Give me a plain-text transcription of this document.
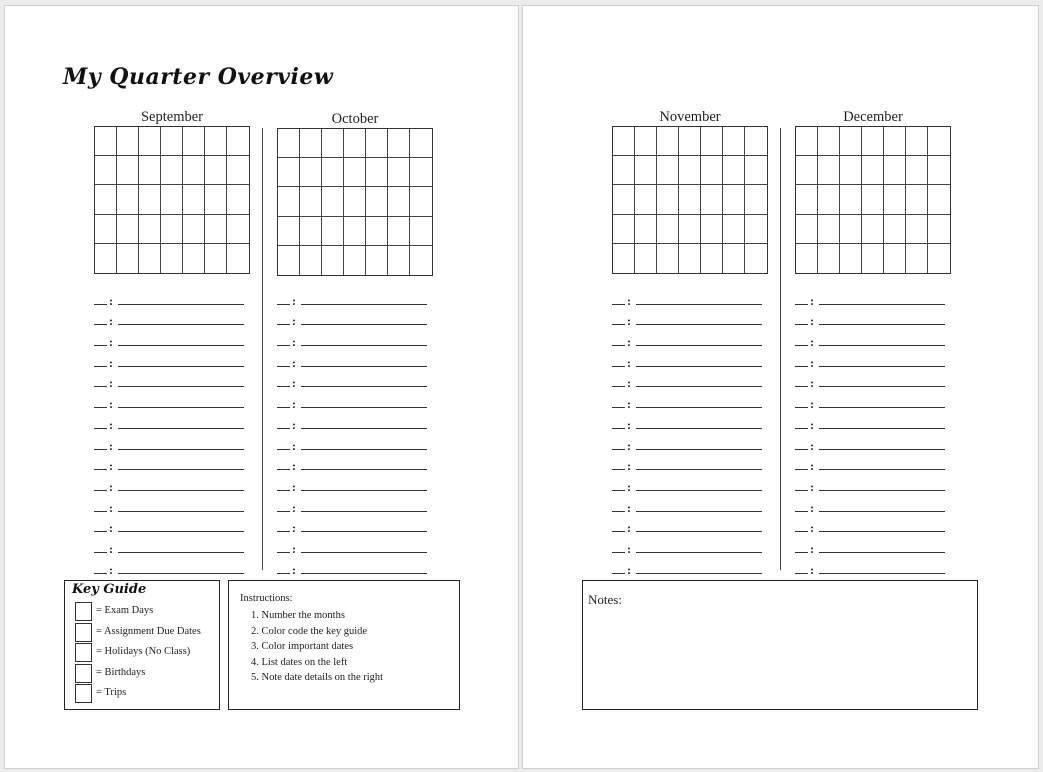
My Quarter Overview
September	October
:
:
:
:
:
:
:
:
:
:
:
:
:
:
:
:
:
:
:
:
:
:
:
:
:
:
:
:
Key Guide
= Exam Days
= Assignment Due Dates
= Holidays (No Class)
= Birthdays
= Trips
Instructions:
1. Number the months
2. Color code the key guide
3. Color important dates
4. List dates on the left
5. Note date details on the right
November	December
:
:
:
:
:
:
:
:
:
:
:
:
:
:
:
:
:
:
:
:
:
:
:
:
:
:
:
:
Notes:
